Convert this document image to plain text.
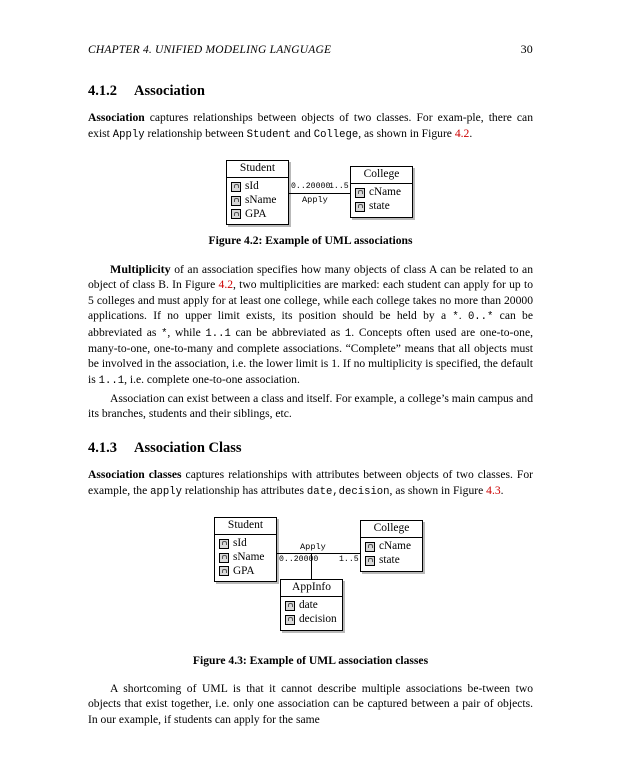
CHAPTER 4. UNIFIED MODELING LANGUAGE	30
4.1.2 Association

Association captures relationships between objects of two classes. For exam-ple, there can exist Apply relationship between Student and College, as shown in Figure 4.2.

Student
sId
sName
GPA
College
cName
state
0..20000
1..5
Apply
Figure 4.2: Example of UML associations

Multiplicity of an association specifies how many objects of class A can be related to an object of class B. In Figure 4.2, two multiplicities are marked: each student can apply for up to 5 colleges and must apply for at least one college, while each college takes no more than 20000 applications. If no upper limit exists, its position should be held by a *. 0..* can be abbreviated as *, while 1..1 can be abbreviated as 1. Concepts often used are one-to-one, many-to-one, one-to-many and complete associations. “Complete” means that all objects must be involved in the association, i.e. the lower limit is 1. If no multiplicity is specified, the default is 1..1, i.e. complete one-to-one association.

Association can exist between a class and itself. For example, a college’s main campus and its branches, students and their siblings, etc.

4.1.3 Association Class

Association classes captures relationships with attributes between objects of two classes. For example, the apply relationship has attributes date,decision, as shown in Figure 4.3.

Student
sId
sName
GPA
College
cName
state
AppInfo
date
decision
0..20000	1..5
Apply
Figure 4.3: Example of UML association classes

A shortcoming of UML is that it cannot describe multiple associations be-tween two objects that exist together, i.e. only one association can be captured between a pair of objects. In our example, if students can apply for the same
